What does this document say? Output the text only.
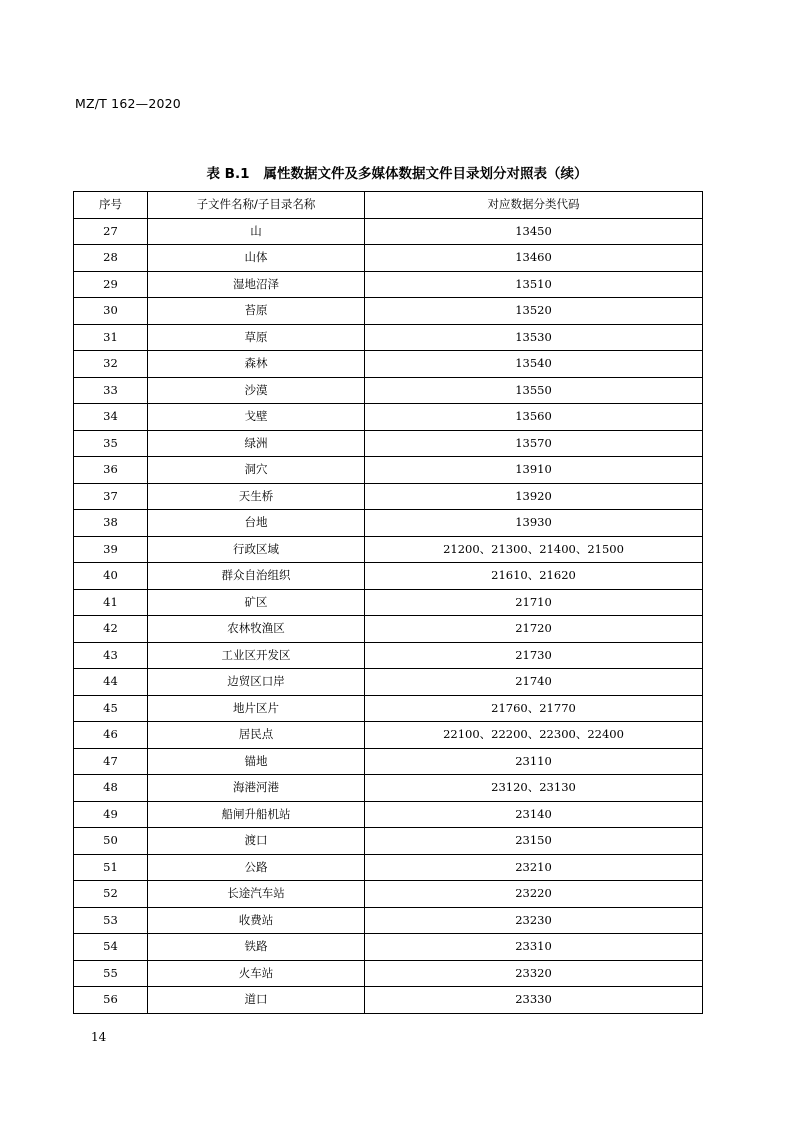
MZ/T 162—2020
表 B.1 属性数据文件及多媒体数据文件目录划分对照表（续）
序号	子文件名称/子目录名称	对应数据分类代码
27	山	13450
28	山体	13460
29	湿地沼泽	13510
30	苔原	13520
31	草原	13530
32	森林	13540
33	沙漠	13550
34	戈壁	13560
35	绿洲	13570
36	洞穴	13910
37	天生桥	13920
38	台地	13930
39	行政区域	21200、21300、21400、21500
40	群众自治组织	21610、21620
41	矿区	21710
42	农林牧渔区	21720
43	工业区开发区	21730
44	边贸区口岸	21740
45	地片区片	21760、21770
46	居民点	22100、22200、22300、22400
47	锚地	23110
48	海港河港	23120、23130
49	船闸升船机站	23140
50	渡口	23150
51	公路	23210
52	长途汽车站	23220
53	收费站	23230
54	铁路	23310
55	火车站	23320
56	道口	23330
14
